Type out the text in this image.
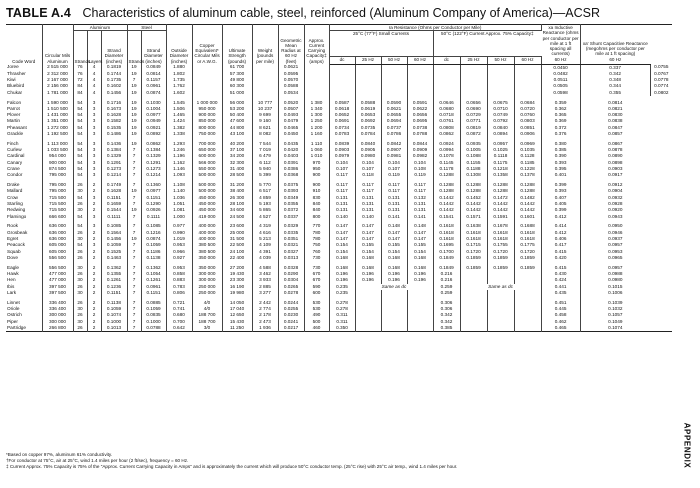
TABLE A.4 Characteristics of aluminum cable, steel, reinforced (Aluminum Company of America)—ACSR
Code Word	Circular Mils Aluminum	Aluminum			Steel		Outside Diameter (inches)	Copper Equivalent* Circular Mils or A.W.G.	Ultimate Strength (pounds)	Weight (pounds per mile)	Geometric Mean Radius at 60 Hz (feet)	Approx. Current Carrying Capacity‡ (amps)	ra Resistance (Ohms per Conductor per Mile)								xa Inductive Reactance (ohms per conductor per mile at 1 ft spacing all currents)	xa' Shunt Capacitive Reactance (megohms per conductor per mile at 1 ft spacing)	
		Strands	Layers	Strand Diameter (inches)	Strands	Strand Diameter (inches)							25°C (77°F) Small Currents				50°C (122°F) Current Approx. 75% Capacity‡						
													dc	25 Hz	50 Hz	60 Hz	dc	25 Hz	50 Hz	60 Hz	60 Hz	60 Hz	
Joree	2 515 000	76	4	0.1819	19	0.0849	1.880		61 700		0.0621										0.0450	0.337	0.0755
Thrasher	2 312 000	76	4	0.1744	19	0.0814	1.802		57 300		0.0595										0.0482	0.342	0.0767
Kiwi	2 167 000	72	4	0.1735	7	0.1157	1.735		49 800		0.0570										0.0511	0.348	0.0778
Bluebird	2 156 000	84	4	0.1602	19	0.0961	1.762		60 300		0.0588										0.0505	0.344	0.0774
Chukar	1 781 000	84	4	0.1456	19	0.0874	1.602		51 000		0.0534										0.0598	0.355	0.0802

Falcon	1 590 000	54	3	0.1716	19	0.1030	1.545	1 000 000	56 000	10 777	0.0520	1 380	0.0587	0.0588	0.0590	0.0591	0.0646	0.0656	0.0675	0.0684	0.359	0.0814	
Parrot	1 510 500	54	3	0.1673	19	0.1004	1.506	950 000	53 200	10 237	0.0507	1 340	0.0618	0.0619	0.0621	0.0622	0.0680	0.0690	0.0710	0.0720	0.362	0.0821	
Plover	1 431 000	54	3	0.1628	19	0.0977	1.465	900 000	50 400	9 699	0.0493	1 300	0.0652	0.0653	0.0655	0.0656	0.0718	0.0729	0.0749	0.0760	0.365	0.0830	
Martin	1 351 000	54	3	0.1582	19	0.0949	1.424	850 000	47 600	9 160	0.0479	1 250	0.0691	0.0692	0.0694	0.0695	0.0761	0.0771	0.0792	0.0803	0.369	0.0838	
Pheasant	1 272 000	54	3	0.1535	19	0.0921	1.382	800 000	44 800	8 621	0.0465	1 200	0.0734	0.0735	0.0737	0.0738	0.0808	0.0819	0.0840	0.0851	0.372	0.0847	
Grackle	1 192 500	54	3	0.1486	19	0.0892	1.338	750 000	43 100	8 082	0.0450	1 160	0.0783	0.0784	0.0786	0.0788	0.0862	0.0872	0.0894	0.0906	0.376	0.0857	

Finch	1 113 000	54	3	0.1436	19	0.0862	1.293	700 000	40 200	7 544	0.0435	1 110	0.0839	0.0840	0.0842	0.0844	0.0924	0.0935	0.0957	0.0969	0.380	0.0867	
Curlew	1 033 500	54	3	0.1384	7	0.1384	1.246	650 000	37 100	7 019	0.0420	1 060	0.0903	0.0905	0.0907	0.0909	0.0994	0.1005	0.1025	0.1035	0.385	0.0878	
Cardinal	954 000	54	3	0.1329	7	0.1329	1.196	600 000	34 200	6 479	0.0403	1 010	0.0979	0.0980	0.0981	0.0982	0.1078	0.1088	0.1118	0.1128	0.390	0.0890	
Canary	900 000	54	3	0.1291	7	0.1291	1.162	566 000	32 300	6 112	0.0391	970	0.104	0.104	0.104	0.104	0.1145	0.1155	0.1175	0.1185	0.393	0.0898	
Crane	874 500	54	3	0.1273	7	0.1273	1.146	550 000	31 400	5 940	0.0386	950	0.107	0.107	0.107	0.108	0.1178	0.1188	0.1218	0.1228	0.395	0.0903	
Condor	795 000	54	3	0.1214	7	0.1214	1.093	500 000	28 500	5 399	0.0368	900	0.117	0.118	0.119	0.119	0.1288	0.1308	0.1358	0.1378	0.401	0.0917	

Drake	795 000	26	2	0.1749	7	0.1360	1.108	500 000	31 200	5 770	0.0375	900	0.117	0.117	0.117	0.117	0.1288	0.1288	0.1288	0.1288	0.399	0.0912	
Mallard	795 000	30	2	0.1628	19	0.0977	1.140	500 000	38 400	6 517	0.0393	910	0.117	0.117	0.117	0.117	0.1288	0.1288	0.1288	0.1288	0.393	0.0904	
Crow	715 500	54	3	0.1151	7	0.1151	1.036	450 000	26 300	4 859	0.0349	830	0.131	0.131	0.131	0.132	0.1442	0.1452	0.1472	0.1482	0.407	0.0932	
Starling	715 500	26	2	0.1659	7	0.1290	1.051	450 000	28 100	5 193	0.0355	840	0.131	0.131	0.131	0.131	0.1442	0.1442	0.1442	0.1442	0.405	0.0928	
Redwing	715 500	30	2	0.1544	19	0.0926	1.081	450 000	34 600	5 865	0.0372	840	0.131	0.131	0.131	0.131	0.1442	0.1442	0.1442	0.1442	0.399	0.0920	
Flamingo	666 600	54	3	0.1111	7	0.1111	1.000	419 000	24 500	4 527	0.0337	800	0.140	0.140	0.141	0.141	0.1541	0.1571	0.1591	0.1601	0.412	0.0943	

Rook	636 000	54	3	0.1085	7	0.1085	0.977	400 000	23 600	4 319	0.0329	770	0.147	0.147	0.148	0.148	0.1618	0.1638	0.1678	0.1688	0.414	0.0950	
Grosbeak	636 000	26	2	0.1564	7	0.1216	0.990	400 000	25 000	4 616	0.0335	780	0.147	0.147	0.147	0.147	0.1618	0.1618	0.1618	0.1618	0.412	0.0946	
Egret	636 000	30	2	0.1456	19	0.0874	1.019	400 000	31 500	5 213	0.0351	780	0.147	0.147	0.147	0.147	0.1618	0.1618	0.1618	0.1618	0.406	0.0937	
Peacock	605 000	54	3	0.1059	7	0.1059	0.953	380 500	22 500	4 109	0.0321	750	0.154	0.155	0.155	0.155	0.1695	0.1715	0.1755	0.1775	0.417	0.0957	
Squab	605 000	26	2	0.1525	7	0.1186	0.966	380 500	24 100	4 391	0.0327	760	0.154	0.154	0.154	0.154	0.1700	0.1720	0.1720	0.1720	0.415	0.0953	
Dove	556 500	26	2	0.1463	7	0.1138	0.927	350 000	22 400	4 039	0.0313	730	0.168	0.168	0.168	0.168	0.1849	0.1859	0.1859	0.1859	0.420	0.0965	

Eagle	556 500	30	2	0.1362	7	0.1362	0.953	350 000	27 200	4 588	0.0328	730	0.168	0.168	0.168	0.168	0.1849	0.1859	0.1859	0.1859	0.415	0.0957	
Hawk	477 000	26	2	0.1355	7	0.1054	0.858	300 000	19 430	3 462	0.0290	670	0.196	0.196	0.196	0.196	0.216				0.430	0.0988	
Hen	477 000	30	2	0.1261	7	0.1261	0.883	300 000	23 300	3 933	0.0304	670	0.196	0.196	0.196	0.196	0.216				0.424	0.0980	
Ibis	397 500	26	2	0.1236	7	0.0961	0.783	250 000	16 190	2 885	0.0265	590	0.235	Same as dc			0.259	Same as dc			0.441	0.1015	
Lark	397 500	30	2	0.1151	7	0.1151	0.806	250 000	19 980	3 277	0.0278	600	0.235				0.259				0.435	0.1006	

Linnet	336 400	26	2	0.1138	7	0.0885	0.721	4/0	14 050	2 442	0.0244	530	0.278				0.306				0.451	0.1039	
Oriole	336 400	30	2	0.1059	7	0.1059	0.741	4/0	17 040	2 774	0.0255	530	0.278				0.306				0.445	0.1032	
Ostrich	300 000	26	2	0.1074	7	0.0835	0.680	188 700	12 650	2 178	0.0230	490	0.311				0.342				0.458	0.1057	
Piper	300 000	30	2	0.1000	7	0.1000	0.700	188 700	15 430	2 473	0.0241	500	0.311				0.342				0.462	0.1049	
Partridge	266 800	26	2	0.1013	7	0.0788	0.642	3/0	11 250	1 936	0.0217	460	0.350				0.385				0.465	0.1074	
*Based on copper 97%, aluminum 61% conductivity.
†For conductor at 75°C, air at 25°C, wind 1.4 miles per hour (2 ft/sec), frequency = 60 Hz.
‡ Current Approx. 75% Capacity is 75% of the "Approx. Current Carrying Capacity in Amps" and is approximately the current which will produce 50°C conductor temp. (25°C rise) with 25°C air temp., wind 1.4 miles per hour.	APPENDIX
